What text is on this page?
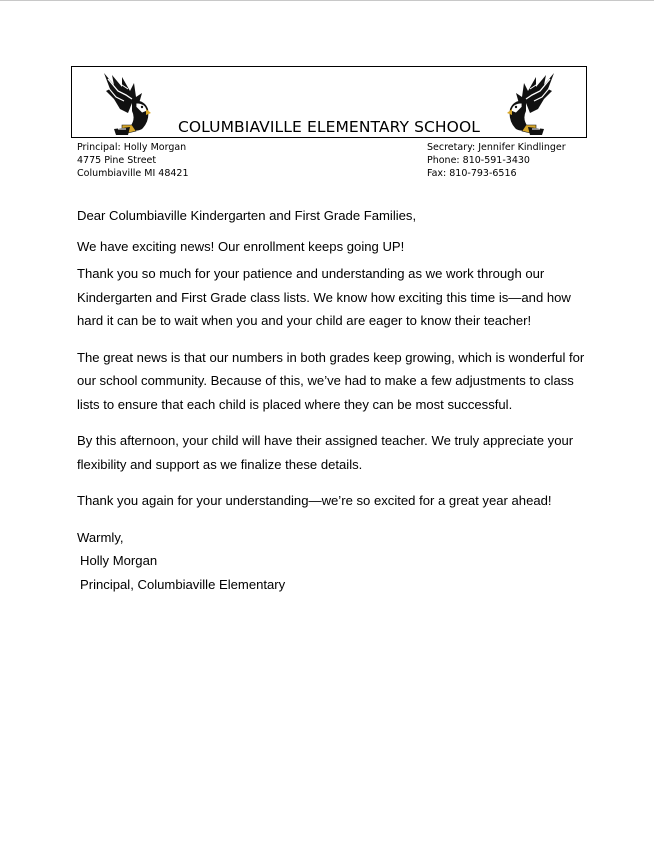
COLUMBIAVILLE ELEMENTARY SCHOOL
Principal: Holly Morgan
4775 Pine Street
Columbiaville MI 48421
Secretary: Jennifer Kindlinger
Phone: 810-591-3430
Fax: 810-793-6516

Dear Columbiaville Kindergarten and First Grade Families,

We have exciting news! Our enrollment keeps going UP!

Thank you so much for your patience and understanding as we work through our

Kindergarten and First Grade class lists. We know how exciting this time is—and how

hard it can be to wait when you and your child are eager to know their teacher!

The great news is that our numbers in both grades keep growing, which is wonderful for

our school community. Because of this, we’ve had to make a few adjustments to class

lists to ensure that each child is placed where they can be most successful.

By this afternoon, your child will have their assigned teacher. We truly appreciate your

flexibility and support as we finalize these details.

Thank you again for your understanding—we’re so excited for a great year ahead!

Warmly,

Holly Morgan

Principal, Columbiaville Elementary
